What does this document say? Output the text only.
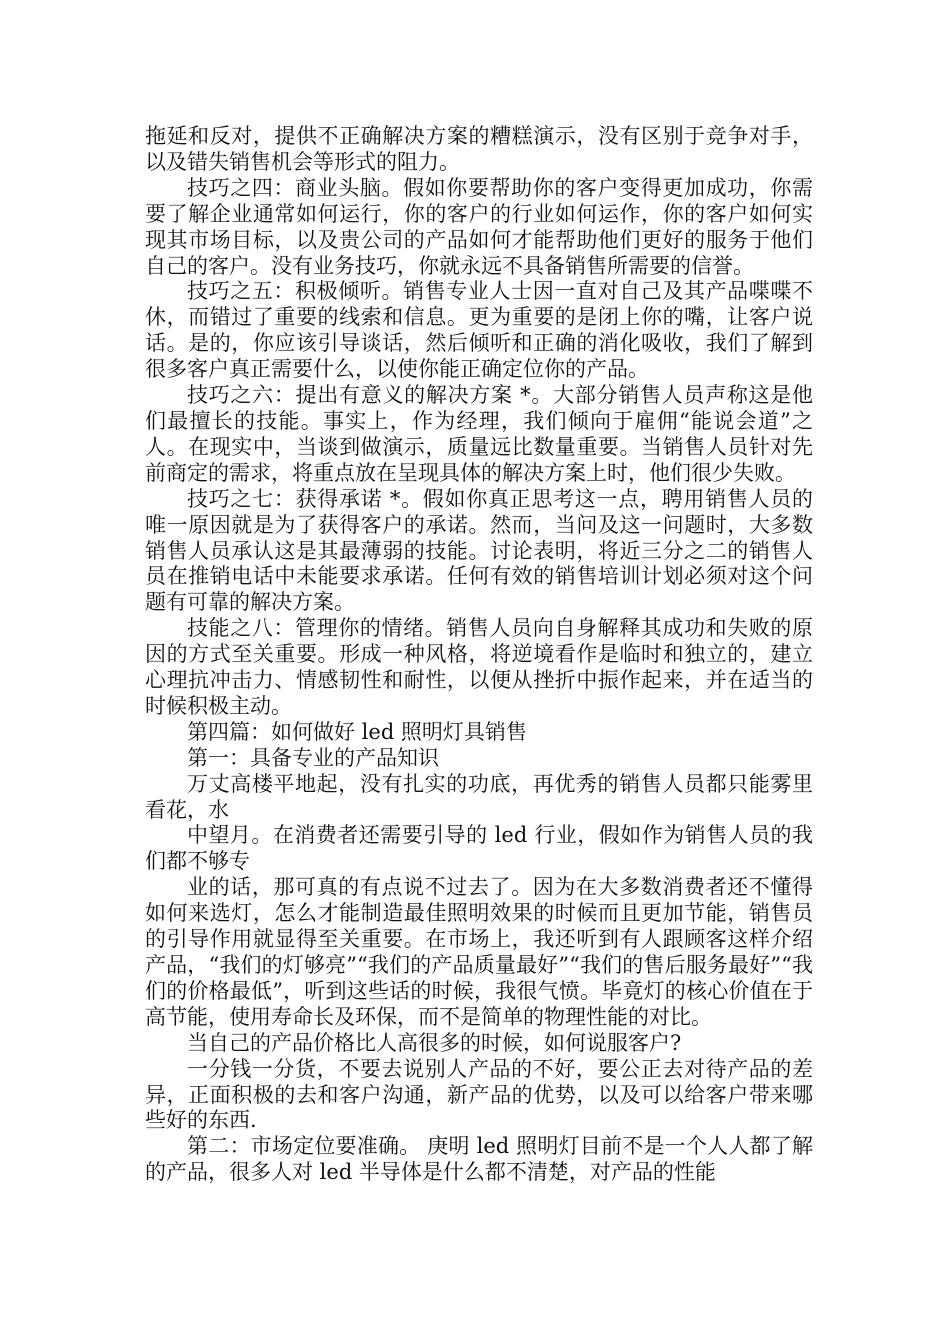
拖延和反对，提供不正确解决方案的糟糕演示，没有区别于竞争对手，以及错失销售机会等形式的阻力。

技巧之四：商业头脑。假如你要帮助你的客户变得更加成功，你需要了解企业通常如何运行，你的客户的行业如何运作，你的客户如何实现其市场目标，以及贵公司的产品如何才能帮助他们更好的服务于他们自己的客户。没有业务技巧，你就永远不具备销售所需要的信誉。

技巧之五：积极倾听。销售专业人士因一直对自己及其产品喋喋不休，而错过了重要的线索和信息。更为重要的是闭上你的嘴，让客户说话。是的，你应该引导谈话，然后倾听和正确的消化吸收，我们了解到很多客户真正需要什么，以使你能正确定位你的产品。

技巧之六：提出有意义的解决方案 *。大部分销售人员声称这是他们最擅长的技能。事实上，作为经理，我们倾向于雇佣“能说会道”之人。在现实中，当谈到做演示，质量远比数量重要。当销售人员针对先前商定的需求，将重点放在呈现具体的解决方案上时，他们很少失败。

技巧之七：获得承诺 *。假如你真正思考这一点，聘用销售人员的唯一原因就是为了获得客户的承诺。然而，当问及这一问题时，大多数销售人员承认这是其最薄弱的技能。讨论表明，将近三分之二的销售人员在推销电话中未能要求承诺。任何有效的销售培训计划必须对这个问题有可靠的解决方案。

技能之八：管理你的情绪。销售人员向自身解释其成功和失败的原因的方式至关重要。形成一种风格，将逆境看作是临时和独立的，建立心理抗冲击力、情感韧性和耐性，以便从挫折中振作起来，并在适当的时候积极主动。

第四篇：如何做好 led 照明灯具销售

第一：具备专业的产品知识

万丈高楼平地起，没有扎实的功底，再优秀的销售人员都只能雾里看花，水

中望月。在消费者还需要引导的 led 行业，假如作为销售人员的我们都不够专

业的话，那可真的有点说不过去了。因为在大多数消费者还不懂得如何来选灯，怎么才能制造最佳照明效果的时候而且更加节能，销售员的引导作用就显得至关重要。在市场上，我还听到有人跟顾客这样介绍产品，“我们的灯够亮”“我们的产品质量最好”“我们的售后服务最好”“我们的价格最低”，听到这些话的时候，我很气愤。毕竟灯的核心价值在于高节能，使用寿命长及环保，而不是简单的物理性能的对比。

当自己的产品价格比人高很多的时候，如何说服客户?

一分钱一分货，不要去说别人产品的不好，要公正去对待产品的差异，正面积极的去和客户沟通，新产品的优势，以及可以给客户带来哪些好的东西.

第二：市场定位要准确。 庚明 led 照明灯目前不是一个人人都了解的产品，很多人对 led 半导体是什么都不清楚，对产品的性能
